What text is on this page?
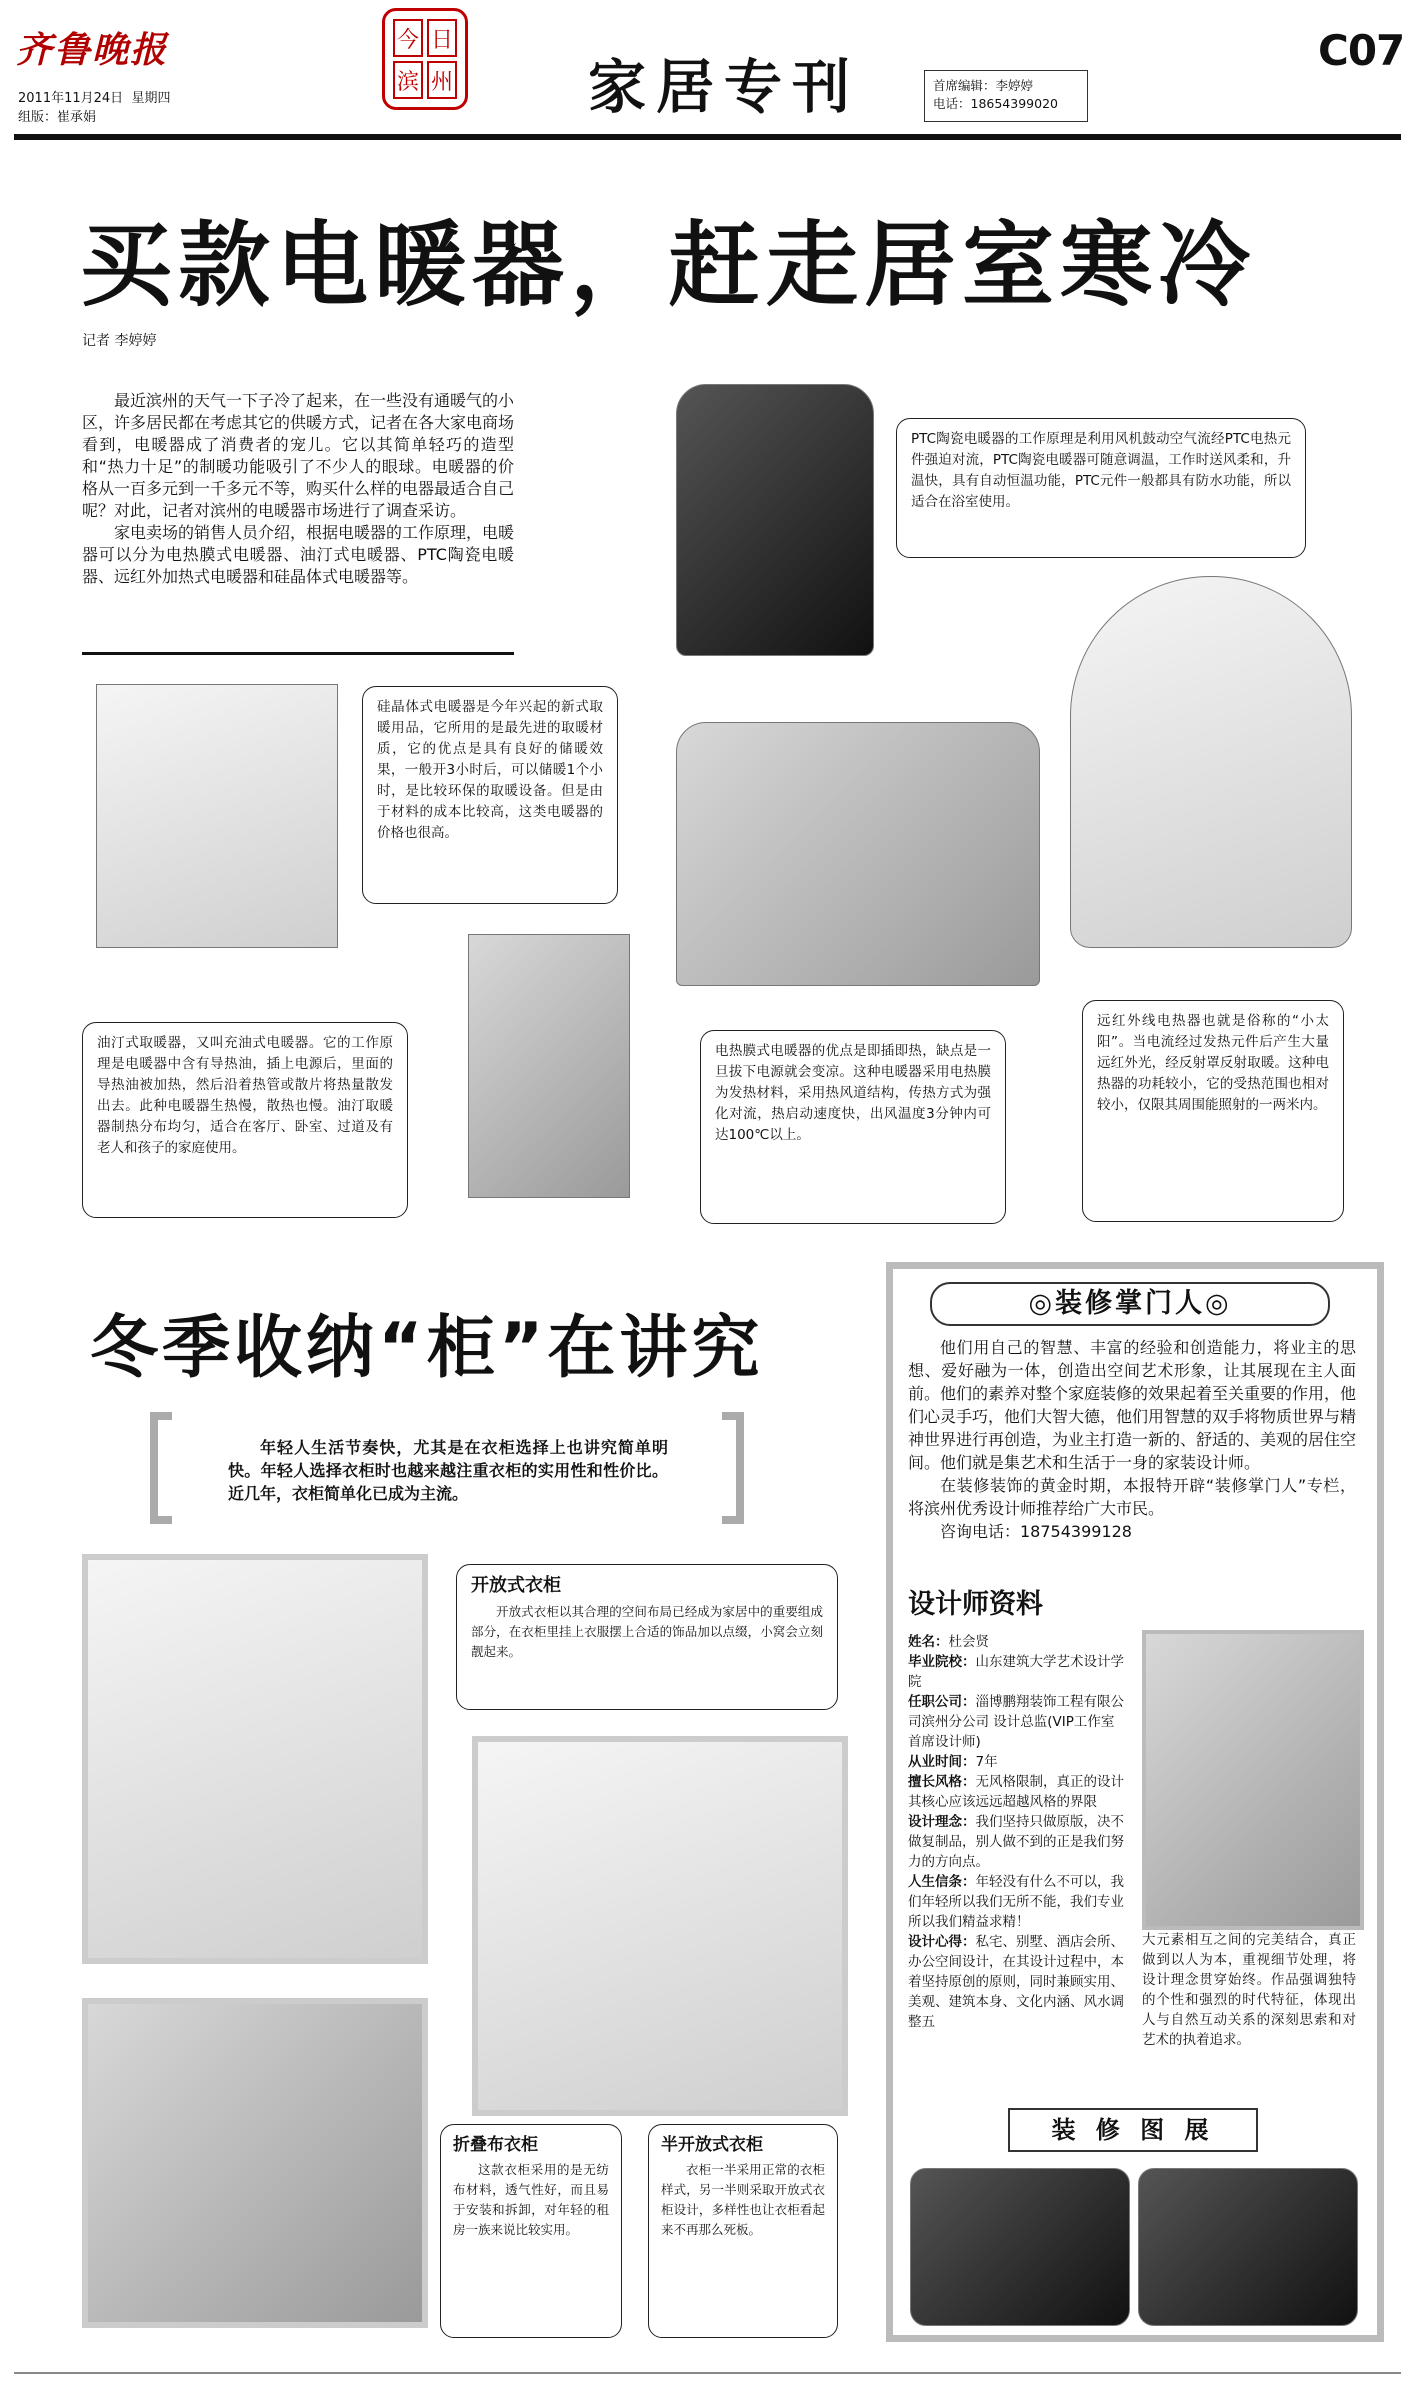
齐鲁晚报
2011年11月24日 星期四
组版：崔承娟
今 日
滨 州 家居专刊	首席编辑：李婷婷
电话：18654399020
C07
买款电暖器，赶走居室寒冷
记者 李婷婷

最近滨州的天气一下子冷了起来，在一些没有通暖气的小区，许多居民都在考虑其它的供暖方式，记者在各大家电商场看到，电暖器成了消费者的宠儿。它以其简单轻巧的造型和“热力十足”的制暖功能吸引了不少人的眼球。电暖器的价格从一百多元到一千多元不等，购买什么样的电器最适合自己呢？对此，记者对滨州的电暖器市场进行了调查采访。

家电卖场的销售人员介绍，根据电暖器的工作原理，电暖器可以分为电热膜式电暖器、油汀式电暖器、PTC陶瓷电暖器、远红外加热式电暖器和硅晶体式电暖器等。

PTC陶瓷电暖器的工作原理是利用风机鼓动空气流经PTC电热元件强迫对流，PTC陶瓷电暖器可随意调温，工作时送风柔和，升温快，具有自动恒温功能，PTC元件一般都具有防水功能，所以适合在浴室使用。
硅晶体式电暖器是今年兴起的新式取暖用品，它所用的是最先进的取暖材质，它的优点是具有良好的储暖效果，一般开3小时后，可以储暖1个小时，是比较环保的取暖设备。但是由于材料的成本比较高，这类电暖器的价格也很高。
油汀式取暖器，又叫充油式电暖器。它的工作原理是电暖器中含有导热油，插上电源后，里面的导热油被加热，然后沿着热管或散片将热量散发出去。此种电暖器生热慢，散热也慢。油汀取暖器制热分布均匀，适合在客厅、卧室、过道及有老人和孩子的家庭使用。
电热膜式电暖器的优点是即插即热，缺点是一旦拔下电源就会变凉。这种电暖器采用电热膜为发热材料，采用热风道结构，传热方式为强化对流，热启动速度快，出风温度3分钟内可达100℃以上。
远红外线电热器也就是俗称的“小太阳”。当电流经过发热元件后产生大量远红外光，经反射罩反射取暖。这种电热器的功耗较小，它的受热范围也相对较小，仅限其周围能照射的一两米内。
冬季收纳“柜”在讲究

年轻人生活节奏快，尤其是在衣柜选择上也讲究简单明快。年轻人选择衣柜时也越来越注重衣柜的实用性和性价比。近几年，衣柜简单化已成为主流。

开放式衣柜
开放式衣柜以其合理的空间布局已经成为家居中的重要组成部分，在衣柜里挂上衣服摆上合适的饰品加以点缀，小窝会立刻靓起来。
折叠布衣柜
这款衣柜采用的是无纺布材料，透气性好，而且易于安装和拆卸，对年轻的租房一族来说比较实用。
半开放式衣柜
衣柜一半采用正常的衣柜样式，另一半则采取开放式衣柜设计，多样性也让衣柜看起来不再那么死板。
◎装修掌门人◎

他们用自己的智慧、丰富的经验和创造能力，将业主的思想、爱好融为一体，创造出空间艺术形象，让其展现在主人面前。他们的素养对整个家庭装修的效果起着至关重要的作用，他们心灵手巧，他们大智大德，他们用智慧的双手将物质世界与精神世界进行再创造，为业主打造一新的、舒适的、美观的居住空间。他们就是集艺术和生活于一身的家装设计师。

在装修装饰的黄金时期，本报特开辟“装修掌门人”专栏，将滨州优秀设计师推荐给广大市民。

咨询电话：18754399128

设计师资料

姓名：杜会贤

毕业院校：山东建筑大学艺术设计学院

任职公司：淄博鹏翔装饰工程有限公司滨州分公司 设计总监(VIP工作室首席设计师)

从业时间：7年

擅长风格：无风格限制，真正的设计其核心应该远远超越风格的界限

设计理念：我们坚持只做原版，决不做复制品，别人做不到的正是我们努力的方向点。

人生信条：年轻没有什么不可以，我们年轻所以我们无所不能，我们专业所以我们精益求精！

设计心得：私宅、别墅、酒店会所、办公空间设计，在其设计过程中，本着坚持原创的原则，同时兼顾实用、美观、建筑本身、文化内涵、风水调整五

大元素相互之间的完美结合，真正做到以人为本，重视细节处理，将设计理念贯穿始终。作品强调独特的个性和强烈的时代特征，体现出人与自然互动关系的深刻思索和对艺术的执着追求。
装 修 图 展
